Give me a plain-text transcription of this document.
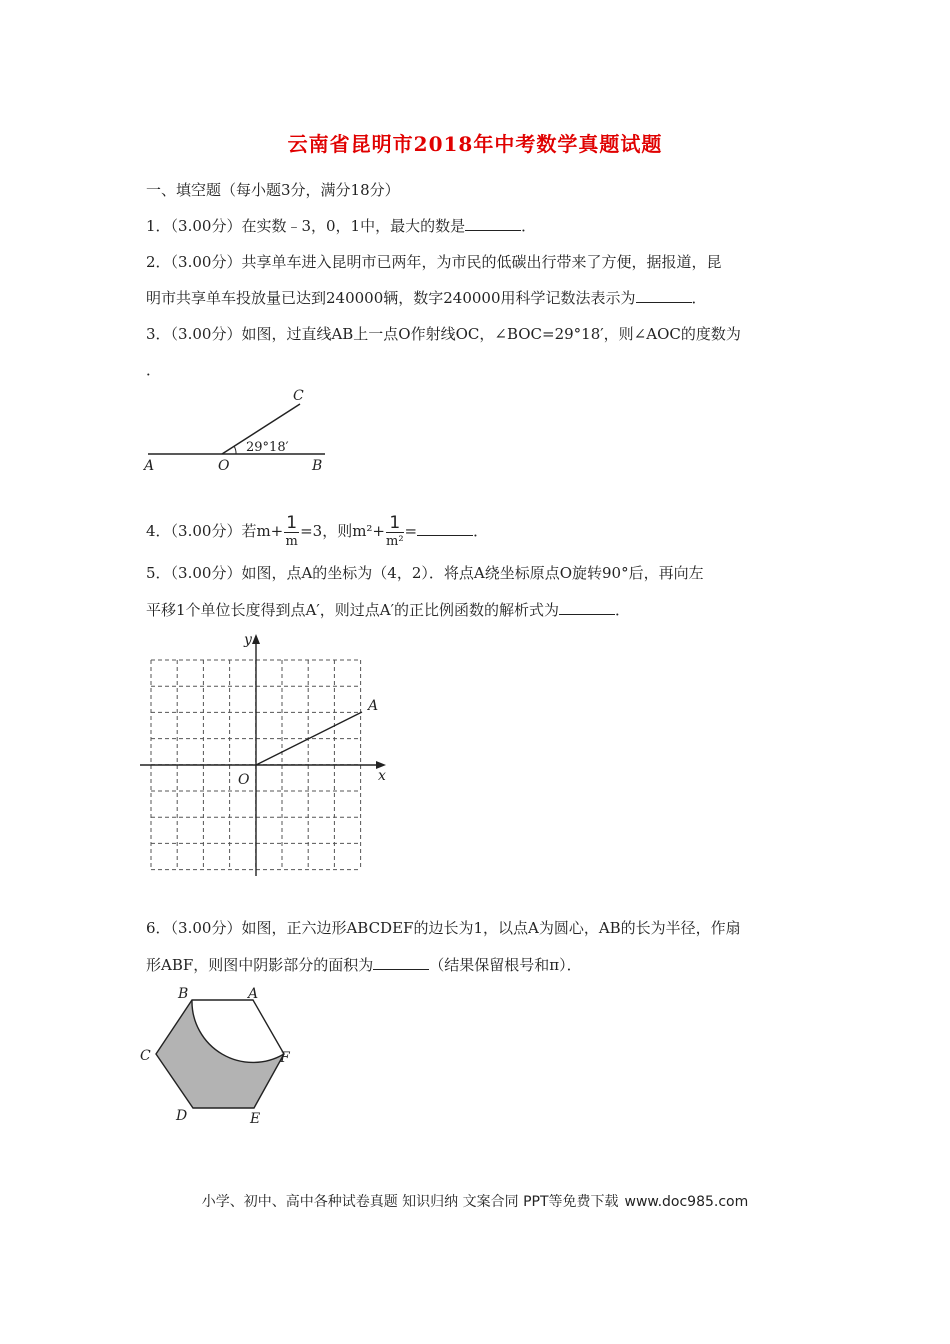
云南省昆明市2018年中考数学真题试题
一、填空题（每小题3分，满分18分）
1．（3.00分）在实数﹣3，0，1中，最大的数是	．
2．（3.00分）共享单车进入昆明市已两年，为市民的低碳出行带来了方便，据报道，昆
明市共享单车投放量已达到240000辆，数字240000用科学记数法表示为	．
3．（3.00分）如图，过直线AB上一点O作射线OC，∠BOC=29°18′，则∠AOC的度数为
．
C
A	O	B
29°18′
4．（3.00分）若$m+ \frac{1}{m} =3$，则$m^2+ \frac{1}{\text{m²}}$ =	．
5．（3.00分）如图，点A的坐标为（4，2）．将点A绕坐标原点O旋转90°后，再向左
平移1个单位长度得到点A′，则过点A′的正比例函数的解析式为	．
y
A
O	x
6．（3.00分）如图，正六边形ABCDEF的边长为1，以点A为圆心，AB的长为半径，作扇
形ABF，则图中阴影部分的面积为	（结果保留根号和π）．
B	A
C	F
D	E
小学、初中、高中各种试卷真题 知识归纳 文案合同 PPT等免费下载 www.doc985.com
